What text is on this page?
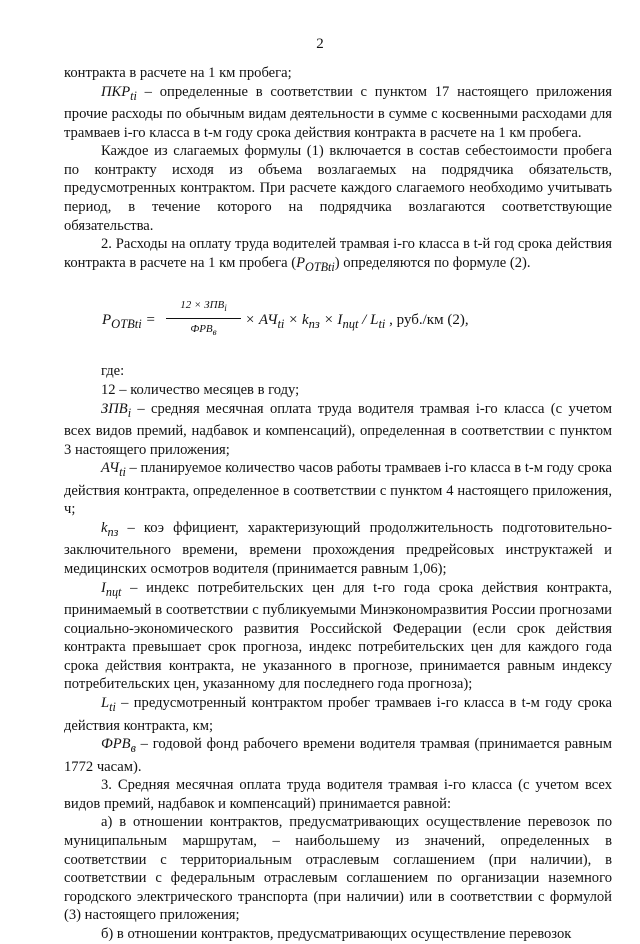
2

контракта в расчете на 1 км пробега;

$ПКР_{ti}$ – определенные в соответствии с пунктом 17 настоящего приложения прочие расходы по обычным видам деятельности в сумме с косвенными расходами для трамваев i-го класса в t-м году срока действия контракта в расчете на 1 км пробега.

Каждое из слагаемых формулы (1) включается в состав себестоимости пробега по контракту исходя из объема возлагаемых на подрядчика обязательств, предусмотренных контрактом. При расчете каждого слагаемого необходимо учитывать период, в течение которого на подрядчика возлагаются соответствующие обязательства.

2. Расходы на оплату труда водителей трамвая i-го класса в t-й год срока действия контракта в расчете на 1 км пробега $(Р_{ОТВti})$ определяются по формуле (2).

$P_{ОТВti}$ =
$12 \times ЗПВ_i$
$ФРВ_в$
× $АЧ_{ti} \times k_{пз} \times I_{пцt} / L_{ti}$ , руб./км (2),

где:

12 – количество месяцев в году;

$ЗПВ_i$ – средняя месячная оплата труда водителя трамвая i-го класса (с учетом всех видов премий, надбавок и компенсаций), определенная в соответствии с пунктом 3 настоящего приложения;

$АЧ_{ti}$ – планируемое количество часов работы трамваев i-го класса в t-м году срока действия контракта, определенное в соответствии с пунктом 4 настоящего приложения, ч;

$k_{пз}$ – коэ ффициент, характеризующий продолжительность подготовительно-заключительного времени, времени прохождения предрейсовых инструктажей и медицинских осмотров водителя (принимается равным 1,06);

$I_{пцt}$ – индекс потребительских цен для t-го года срока действия контракта, принимаемый в соответствии с публикуемыми Минэкономразвития России прогнозами социально-экономического развития Российской Федерации (если срок действия контракта превышает срок прогноза, индекс потребительских цен для каждого года срока действия контракта, не указанного в прогнозе, принимается равным индексу потребительских цен, указанному для последнего года прогноза);

$L_{ti}$ – предусмотренный контрактом пробег трамваев i-го класса в t-м году срока действия контракта, км;

$ФРВ_в$ – годовой фонд рабочего времени водителя трамвая (принимается равным 1772 часам).

3. Средняя месячная оплата труда водителя трамвая i-го класса (с учетом всех видов премий, надбавок и компенсаций) принимается равной:

а) в отношении контрактов, предусматривающих осуществление перевозок по муниципальным маршрутам, – наибольшему из значений, определенных в соответствии с территориальным отраслевым соглашением (при наличии), в соответствии с федеральным отраслевым соглашением по организации наземного городского электрического транспорта (при наличии) или в соответствии с формулой (3) настоящего приложения;

б) в отношении контрактов, предусматривающих осуществление перевозок
